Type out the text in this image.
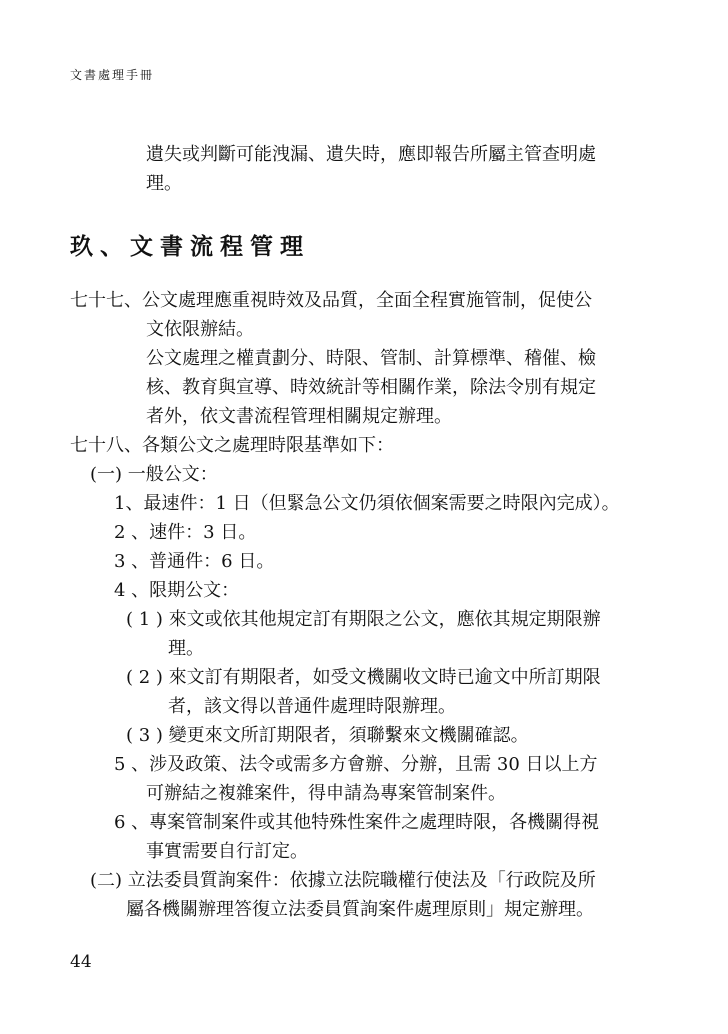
文書處理手冊
遺失或判斷可能洩漏、遺失時，應即報告所屬主管查明處
理。
玖、文書流程管理
七十七、公文處理應重視時效及品質，全面全程實施管制，促使公
文依限辦結。
公文處理之權責劃分、時限、管制、計算標準、稽催、檢
核、教育與宣導、時效統計等相關作業，除法令別有規定
者外，依文書流程管理相關規定辦理。
七十八、各類公文之處理時限基準如下：
(一) 一般公文：
1、最速件：1 日（但緊急公文仍須依個案需要之時限內完成）。
2 、速件：3 日。
3 、普通件：6 日。
4 、限期公文：
( 1 ) 來文或依其他規定訂有期限之公文，應依其規定期限辦
理。
( 2 ) 來文訂有期限者，如受文機關收文時已逾文中所訂期限
者，該文得以普通件處理時限辦理。
( 3 ) 變更來文所訂期限者，須聯繫來文機關確認。
5 、涉及政策、法令或需多方會辦、分辦，且需 30 日以上方
可辦結之複雜案件，得申請為專案管制案件。
6 、專案管制案件或其他特殊性案件之處理時限，各機關得視
事實需要自行訂定。
(二) 立法委員質詢案件：依據立法院職權行使法及「行政院及所
屬各機關辦理答復立法委員質詢案件處理原則」規定辦理。
44
